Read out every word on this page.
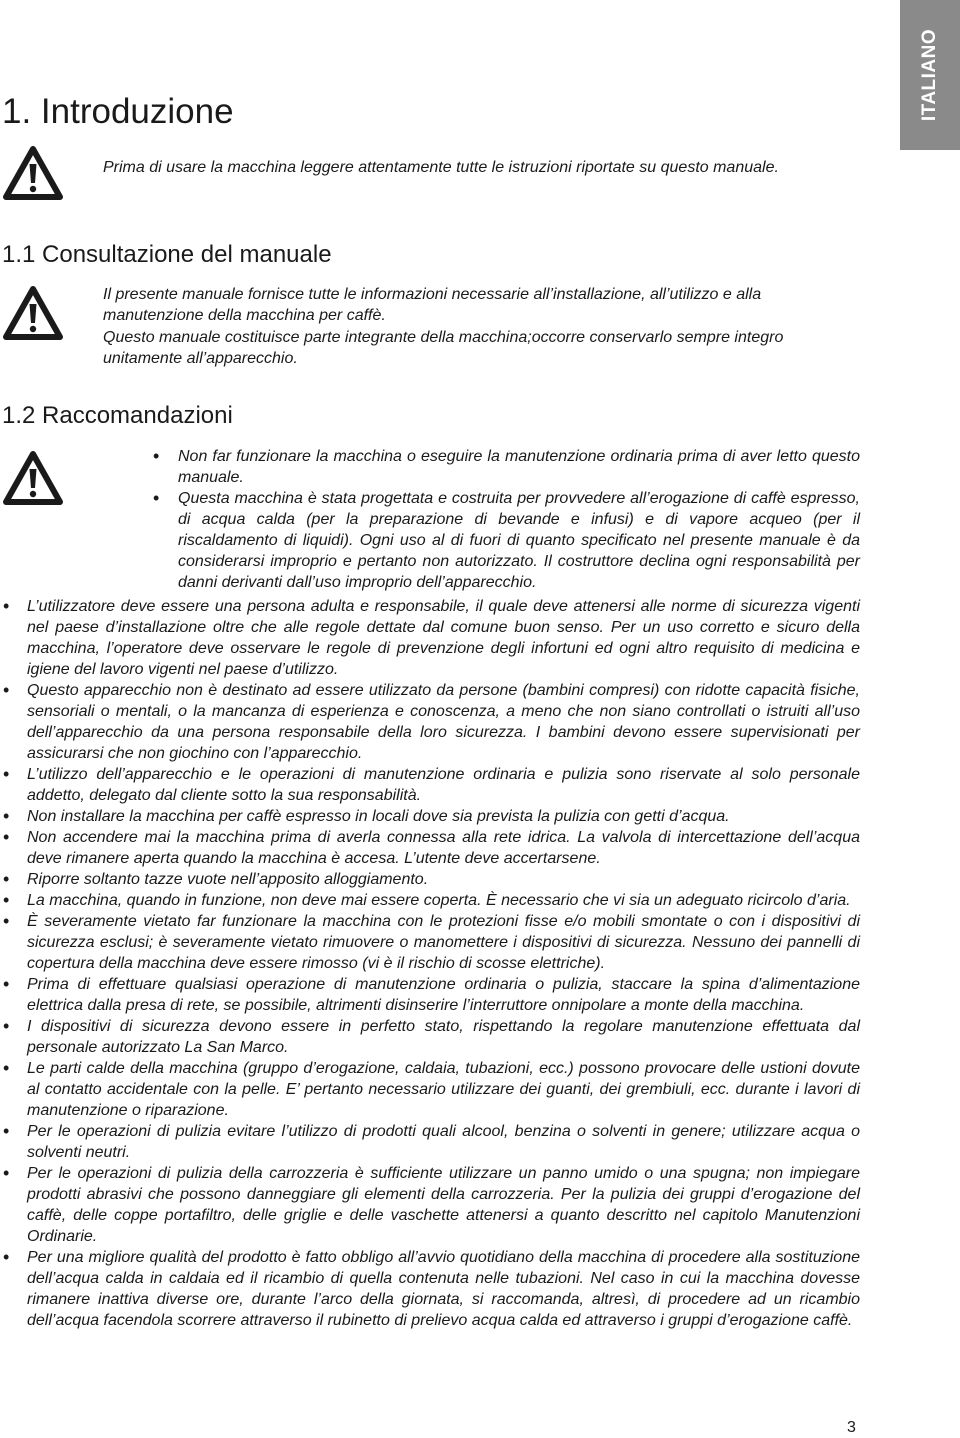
ITALIANO
1. Introduzione

Prima di usare la macchina leggere attentamente tutte le istruzioni riportate su questo manuale.

1.1 Consultazione del manuale

Il presente manuale fornisce tutte le informazioni necessarie all’installazione, all’utilizzo e alla manutenzione della macchina per caffè.

Questo manuale costituisce parte integrante della macchina;occorre conservarlo sempre integro unitamente all’apparecchio.

1.2 Raccomandazioni
• Non far funzionare la macchina o eseguire la manutenzione ordinaria prima di aver letto questo manuale.
• Questa macchina è stata progettata e costruita per provvedere all’erogazione di caffè espresso, di acqua calda (per la preparazione di bevande e infusi) e di vapore acqueo (per il riscaldamento di liquidi). Ogni uso al di fuori di quanto specificato nel presente manuale è da considerarsi improprio e pertanto non autorizzato. Il costruttore declina ogni responsabilità per danni derivanti dall’uso improprio dell’apparecchio.
• L’utilizzatore deve essere una persona adulta e responsabile, il quale deve attenersi alle norme di sicurezza vigenti nel paese d’installazione oltre che alle regole dettate dal comune buon senso. Per un uso corretto e sicuro della macchina, l’operatore deve osservare le regole di prevenzione degli infortuni ed ogni altro requisito di medicina e igiene del lavoro vigenti nel paese d’utilizzo.
• Questo apparecchio non è destinato ad essere utilizzato da persone (bambini compresi) con ridotte capacità fisiche, sensoriali o mentali, o la mancanza di esperienza e conoscenza, a meno che non siano controllati o istruiti all’uso dell’apparecchio da una persona responsabile della loro sicurezza. I bambini devono essere supervisionati per assicurarsi che non giochino con l’apparecchio.
• L’utilizzo dell’apparecchio e le operazioni di manutenzione ordinaria e pulizia sono riservate al solo personale addetto, delegato dal cliente sotto la sua responsabilità.
• Non installare la macchina per caffè espresso in locali dove sia prevista la pulizia con getti d’acqua.
• Non accendere mai la macchina prima di averla connessa alla rete idrica. La valvola di intercettazione dell’acqua deve rimanere aperta quando la macchina è accesa. L’utente deve accertarsene.
• Riporre soltanto tazze vuote nell’apposito alloggiamento.
• La macchina, quando in funzione, non deve mai essere coperta. È necessario che vi sia un adeguato ricircolo d’aria.
• È severamente vietato far funzionare la macchina con le protezioni fisse e/o mobili smontate o con i dispositivi di sicurezza esclusi; è severamente vietato rimuovere o manomettere i dispositivi di sicurezza. Nessuno dei pannelli di copertura della macchina deve essere rimosso (vi è il rischio di scosse elettriche).
• Prima di effettuare qualsiasi operazione di manutenzione ordinaria o pulizia, staccare la spina d’alimentazione elettrica dalla presa di rete, se possibile, altrimenti disinserire l’interruttore onnipolare a monte della macchina.
• I dispositivi di sicurezza devono essere in perfetto stato, rispettando la regolare manutenzione effettuata dal personale autorizzato La San Marco.
• Le parti calde della macchina (gruppo d’erogazione, caldaia, tubazioni, ecc.) possono provocare delle ustioni dovute al contatto accidentale con la pelle. E’ pertanto necessario utilizzare dei guanti, dei grembiuli, ecc. durante i lavori di manutenzione o riparazione.
• Per le operazioni di pulizia evitare l’utilizzo di prodotti quali alcool, benzina o solventi in genere; utilizzare acqua o solventi neutri.
• Per le operazioni di pulizia della carrozzeria è sufficiente utilizzare un panno umido o una spugna; non impiegare prodotti abrasivi che possono danneggiare gli elementi della carrozzeria. Per la pulizia dei gruppi d’erogazione del caffè, delle coppe portafiltro, delle griglie e delle vaschette attenersi a quanto descritto nel capitolo Manutenzioni Ordinarie.
• Per una migliore qualità del prodotto è fatto obbligo all’avvio quotidiano della macchina di procedere alla sostituzione dell’acqua calda in caldaia ed il ricambio di quella contenuta nelle tubazioni. Nel caso in cui la macchina dovesse rimanere inattiva diverse ore, durante l’arco della giornata, si raccomanda, altresì, di procedere ad un ricambio dell’acqua facendola scorrere attraverso il rubinetto di prelievo acqua calda ed attraverso i gruppi d’erogazione caffè.
3
